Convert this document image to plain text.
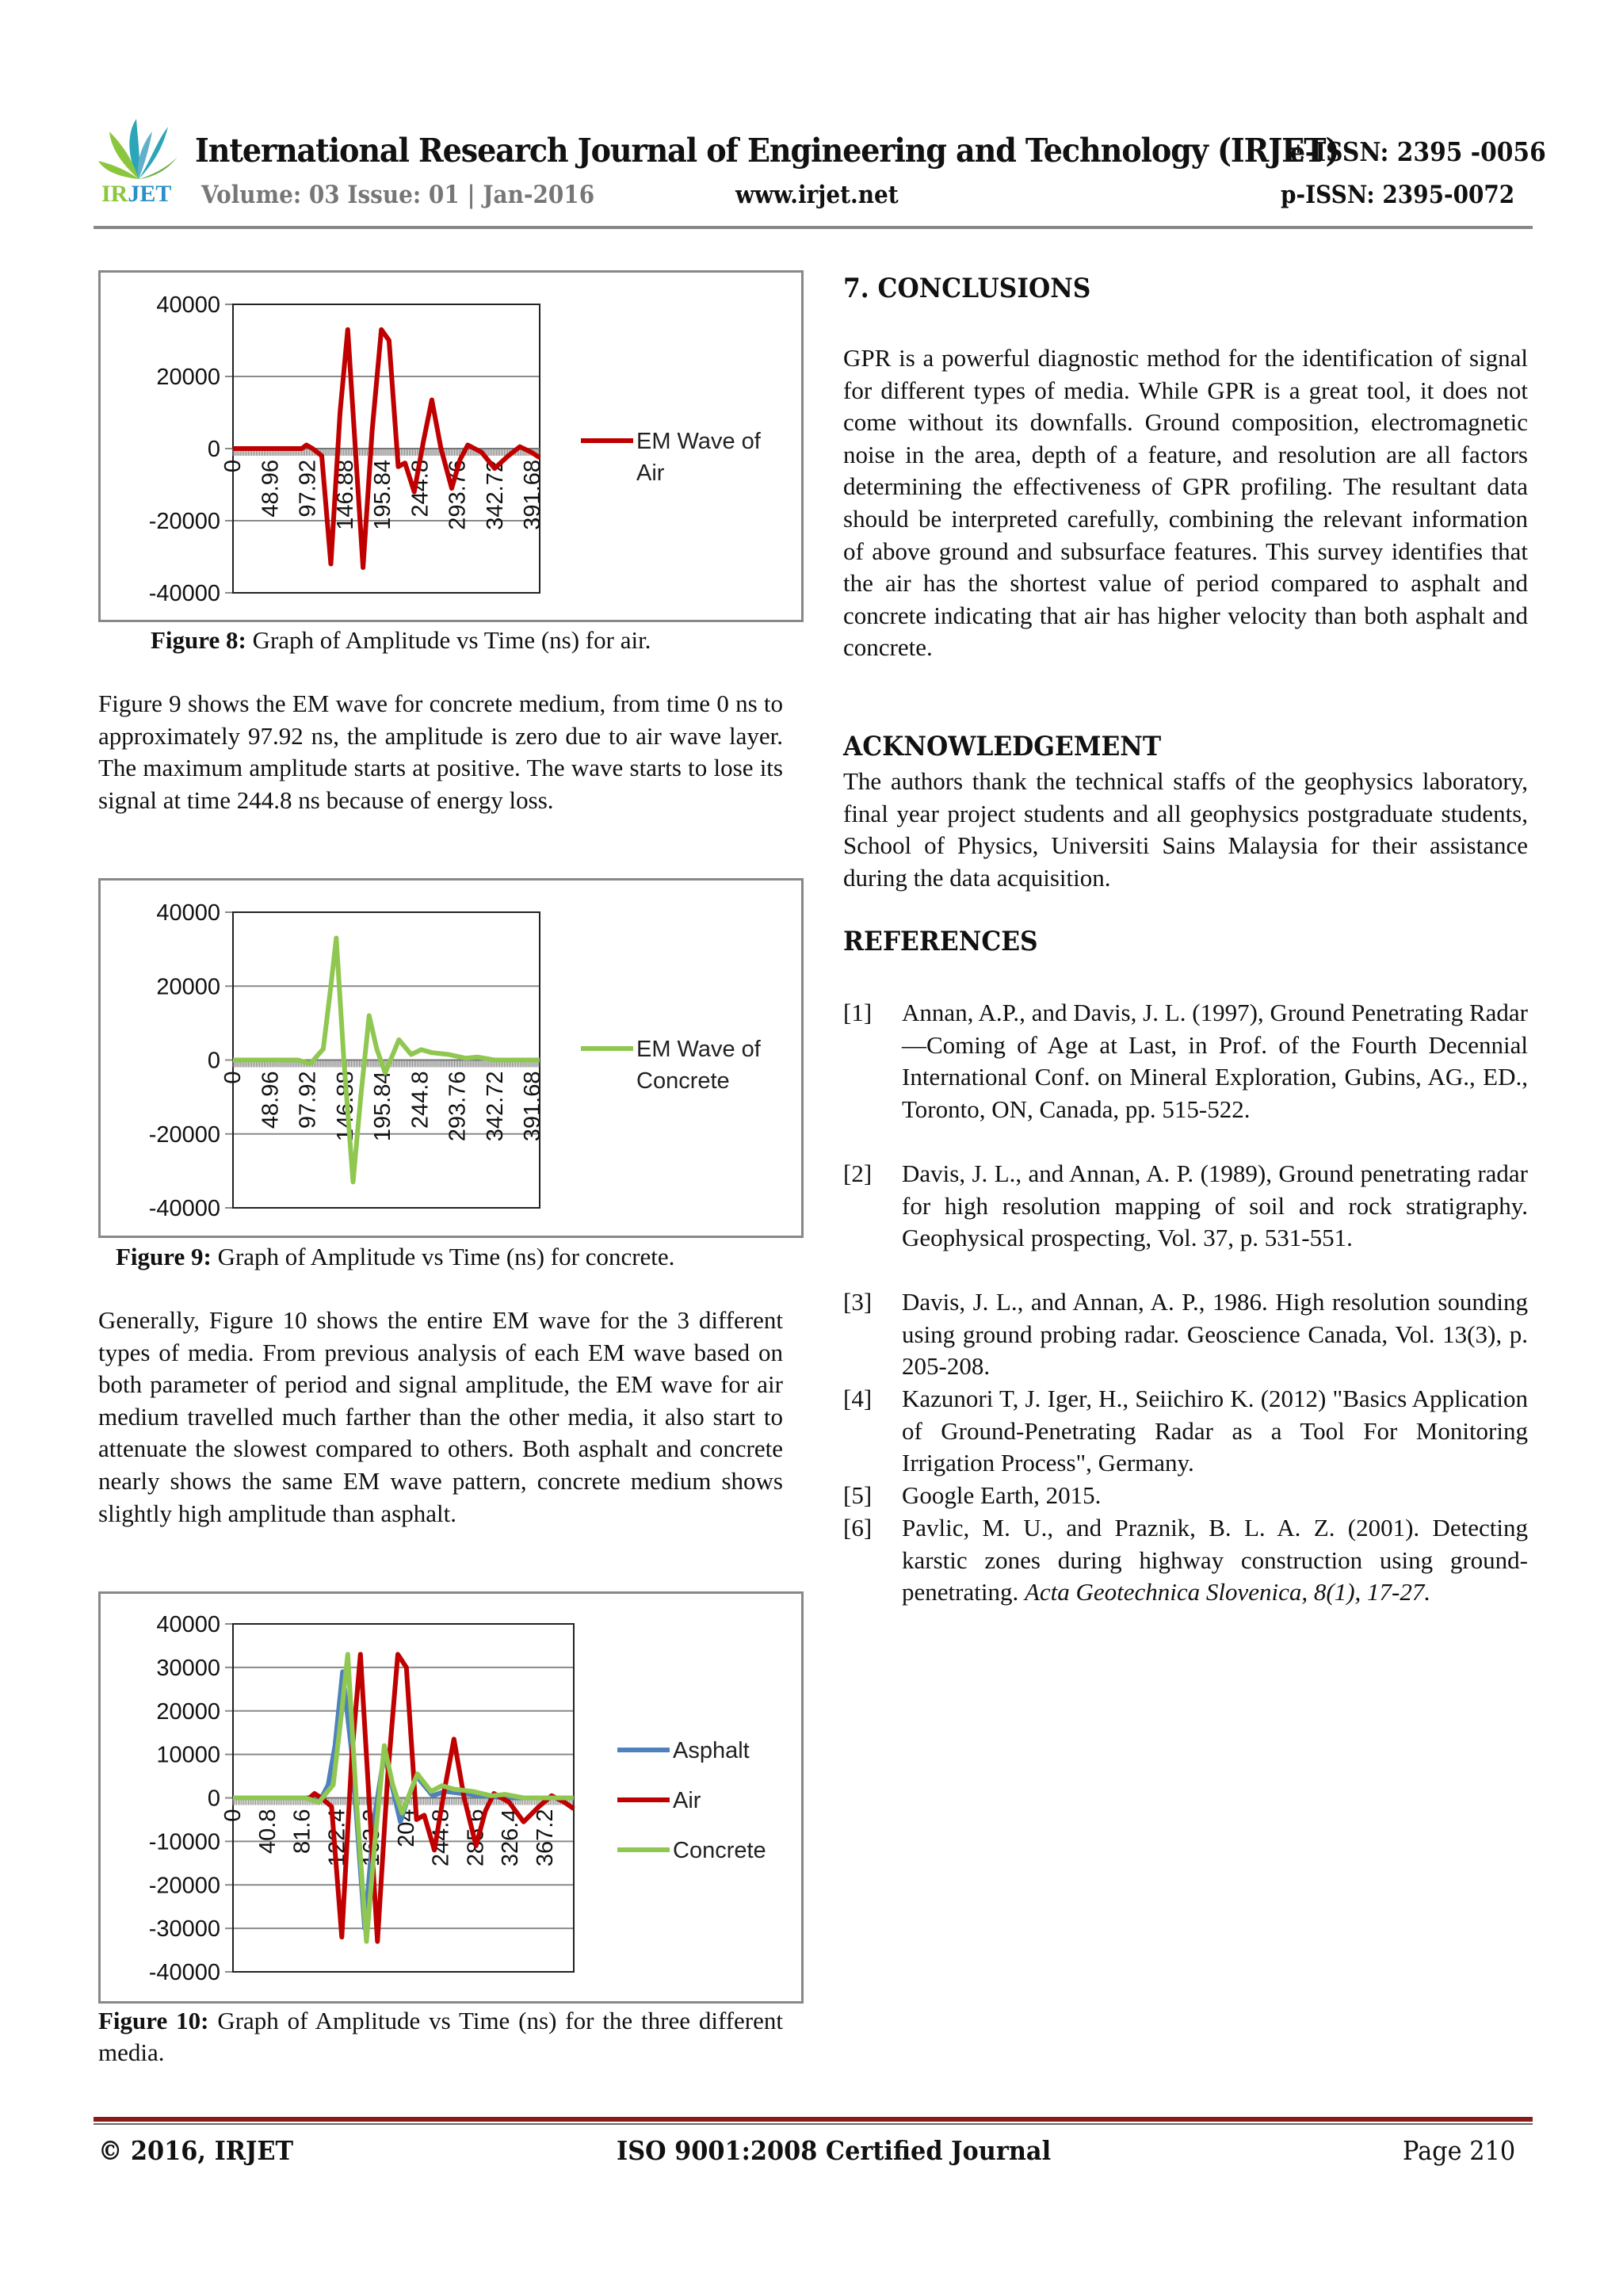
IRJET
International Research Journal of Engineering and Technology (IRJET)
e-ISSN: 2395 -0056
Volume: 03 Issue: 01 | Jan-2016	www.irjet.net	p-ISSN: 2395-0072
-40000
-20000
0
20000
40000
0 48.96 97.92 146.88 195.84 244.8 293.76 342.72 391.68
EM Wave of
Air
Figure 8: Graph of Amplitude vs Time (ns) for air.
Figure 9 shows the EM wave for concrete medium, from time 0 ns to approximately 97.92 ns, the amplitude is zero due to air wave layer. The maximum amplitude starts at positive. The wave starts to lose its signal at time 244.8 ns because of energy loss.
-40000
-20000
0
20000
40000
0 48.96 97.92 146.88 195.84 244.8 293.76 342.72 391.68
EM Wave of
Concrete
Figure 9: Graph of Amplitude vs Time (ns) for concrete.
Generally, Figure 10 shows the entire EM wave for the 3 different types of media. From previous analysis of each EM wave based on both parameter of period and signal amplitude, the EM wave for air medium travelled much farther than the other media, it also start to attenuate the slowest compared to others. Both asphalt and concrete nearly shows the same EM wave pattern, concrete medium shows slightly high amplitude than asphalt.
-40000
-30000
-20000
-10000
0
10000
20000
30000
40000
0 40.8 81.6 122.4 163.2 204 244.8 285.6 326.4 367.2
Asphalt
Air
Concrete
Figure 10: Graph of Amplitude vs Time (ns) for the three different media.
7. CONCLUSIONS
GPR is a powerful diagnostic method for the identification of signal for different types of media. While GPR is a great tool, it does not come without its downfalls. Ground composition, electromagnetic noise in the area, depth of a feature, and resolution are all factors determining the effectiveness of GPR profiling. The resultant data should be interpreted carefully, combining the relevant information of above ground and subsurface features. This survey identifies that the air has the shortest value of period compared to asphalt and concrete indicating that air has higher velocity than both asphalt and concrete.
ACKNOWLEDGEMENT
The authors thank the technical staffs of the geophysics laboratory, final year project students and all geophysics postgraduate students, School of Physics, Universiti Sains Malaysia for their assistance during the data acquisition.
REFERENCES
[1] Annan, A.P., and Davis, J. L. (1997), Ground Penetrating Radar—Coming of Age at Last, in Prof. of the Fourth Decennial International Conf. on Mineral Exploration, Gubins, AG., ED., Toronto, ON, Canada, pp. 515-522.
[2] Davis, J. L., and Annan, A. P. (1989), Ground penetrating radar for high resolution mapping of soil and rock stratigraphy. Geophysical prospecting, Vol. 37, p. 531-551.
[3] Davis, J. L., and Annan, A. P., 1986. High resolution sounding using ground probing radar. Geoscience Canada, Vol. 13(3), p. 205-208.
[4] Kazunori T, J. Iger, H., Seiichiro K. (2012) "Basics Application of Ground-Penetrating Radar as a Tool For Monitoring Irrigation Process", Germany.
[5] Google Earth, 2015.
[6] Pavlic, M. U., and Praznik, B. L. A. Z. (2001). Detecting karstic zones during highway construction using ground-penetrating. Acta Geotechnica Slovenica, 8(1), 17-27.
© 2016, IRJET	ISO 9001:2008 Certified Journal	Page 210
